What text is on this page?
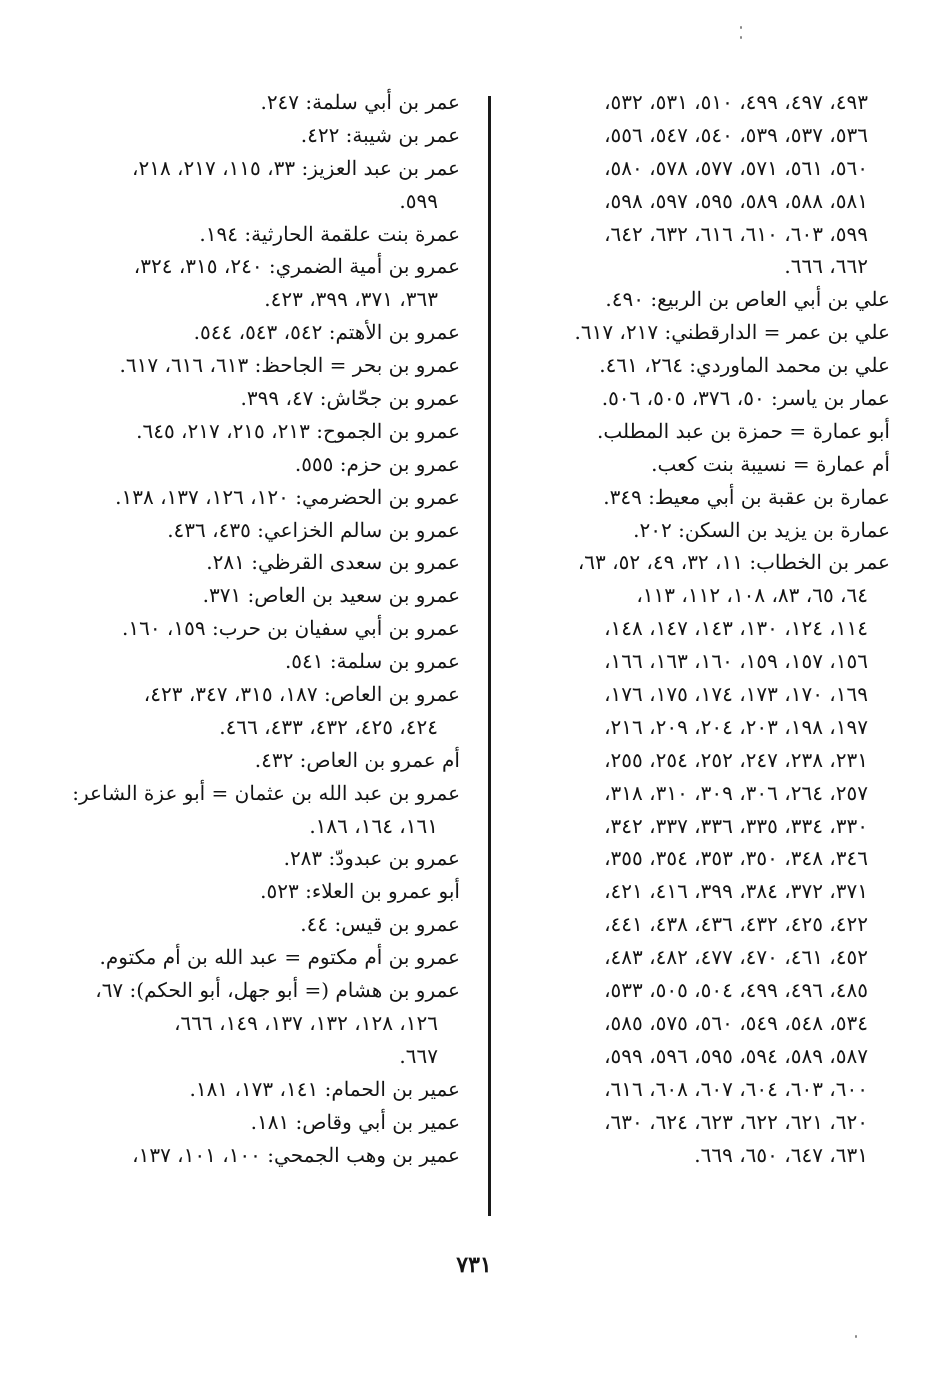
٤٩٣، ٤٩٧، ٤٩٩، ٥١٠، ٥٣١، ٥٣٢،
٥٣٦، ٥٣٧، ٥٣٩، ٥٤٠، ٥٤٧، ٥٥٦،
٥٦٠، ٥٦١، ٥٧١، ٥٧٧، ٥٧٨، ٥٨٠،
٥٨١، ٥٨٨، ٥٨٩، ٥٩٥، ٥٩٧، ٥٩٨،
٥٩٩، ٦٠٣، ٦١٠، ٦١٦، ٦٣٢، ٦٤٢،
٦٦٢، ٦٦٦.
علي بن أبي العاص بن الربيع: ٤٩٠.
علي بن عمر = الدارقطني: ٢١٧، ٦١٧.
علي بن محمد الماوردي: ٢٦٤، ٤٦١.
عمار بن ياسر: ٥٠، ٣٧٦، ٥٠٥، ٥٠٦.
أبو عمارة = حمزة بن عبد المطلب.
أم عمارة = نسيبة بنت كعب.
عمارة بن عقبة بن أبي معيط: ٣٤٩.
عمارة بن يزيد بن السكن: ٢٠٢.
عمر بن الخطاب: ١١، ٣٢، ٤٩، ٥٢، ٦٣،
٦٤، ٦٥، ٨٣، ١٠٨، ١١٢، ١١٣،
١١٤، ١٢٤، ١٣٠، ١٤٣، ١٤٧، ١٤٨،
١٥٦، ١٥٧، ١٥٩، ١٦٠، ١٦٣، ١٦٦،
١٦٩، ١٧٠، ١٧٣، ١٧٤، ١٧٥، ١٧٦،
١٩٧، ١٩٨، ٢٠٣، ٢٠٤، ٢٠٩، ٢١٦،
٢٣١، ٢٣٨، ٢٤٧، ٢٥٢، ٢٥٤، ٢٥٥،
٢٥٧، ٢٦٤، ٣٠٦، ٣٠٩، ٣١٠، ٣١٨،
٣٣٠، ٣٣٤، ٣٣٥، ٣٣٦، ٣٣٧، ٣٤٢،
٣٤٦، ٣٤٨، ٣٥٠، ٣٥٣، ٣٥٤، ٣٥٥،
٣٧١، ٣٧٢، ٣٨٤، ٣٩٩، ٤١٦، ٤٢١،
٤٢٢، ٤٢٥، ٤٣٢، ٤٣٦، ٤٣٨، ٤٤١،
٤٥٢، ٤٦١، ٤٧٠، ٤٧٧، ٤٨٢، ٤٨٣،
٤٨٥، ٤٩٦، ٤٩٩، ٥٠٤، ٥٠٥، ٥٣٣،
٥٣٤، ٥٤٨، ٥٤٩، ٥٦٠، ٥٧٥، ٥٨٥،
٥٨٧، ٥٨٩، ٥٩٤، ٥٩٥، ٥٩٦، ٥٩٩،
٦٠٠، ٦٠٣، ٦٠٤، ٦٠٧، ٦٠٨، ٦١٦،
٦٢٠، ٦٢١، ٦٢٢، ٦٢٣، ٦٢٤، ٦٣٠،
٦٣١، ٦٤٧، ٦٥٠، ٦٦٩.
عمر بن أبي سلمة: ٢٤٧.
عمر بن شيبة: ٤٢٢.
عمر بن عبد العزيز: ٣٣، ١١٥، ٢١٧، ٢١٨،
٥٩٩.
عمرة بنت علقمة الحارثية: ١٩٤.
عمرو بن أمية الضمري: ٢٤٠، ٣١٥، ٣٢٤،
٣٦٣، ٣٧١، ٣٩٩، ٤٢٣.
عمرو بن الأهتم: ٥٤٢، ٥٤٣، ٥٤٤.
عمرو بن بحر = الجاحظ: ٦١٣، ٦١٦، ٦١٧.
عمرو بن جحّاش: ٤٧، ٣٩٩.
عمرو بن الجموح: ٢١٣، ٢١٥، ٢١٧، ٦٤٥.
عمرو بن حزم: ٥٥٥.
عمرو بن الحضرمي: ١٢٠، ١٢٦، ١٣٧، ١٣٨.
عمرو بن سالم الخزاعي: ٤٣٥، ٤٣٦.
عمرو بن سعدى القرظي: ٢٨١.
عمرو بن سعيد بن العاص: ٣٧١.
عمرو بن أبي سفيان بن حرب: ١٥٩، ١٦٠.
عمرو بن سلمة: ٥٤١.
عمرو بن العاص: ١٨٧، ٣١٥، ٣٤٧، ٤٢٣،
٤٢٤، ٤٢٥، ٤٣٢، ٤٣٣، ٤٦٦.
أم عمرو بن العاص: ٤٣٢.
عمرو بن عبد الله بن عثمان = أبو عزة الشاعر:
١٦١، ١٦٤، ١٨٦.
عمرو بن عبدودّ: ٢٨٣.
أبو عمرو بن العلاء: ٥٢٣.
عمرو بن قيس: ٤٤.
عمرو بن أم مكتوم = عبد الله بن أم مكتوم.
عمرو بن هشام (= أبو جهل، أبو الحكم): ٦٧،
١٢٦، ١٢٨، ١٣٢، ١٣٧، ١٤٩، ٦٦٦،
٦٦٧.
عمير بن الحمام: ١٤١، ١٧٣، ١٨١.
عمير بن أبي وقاص: ١٨١.
عمير بن وهب الجمحي: ١٠٠، ١٠١، ١٣٧،
٧٣١
